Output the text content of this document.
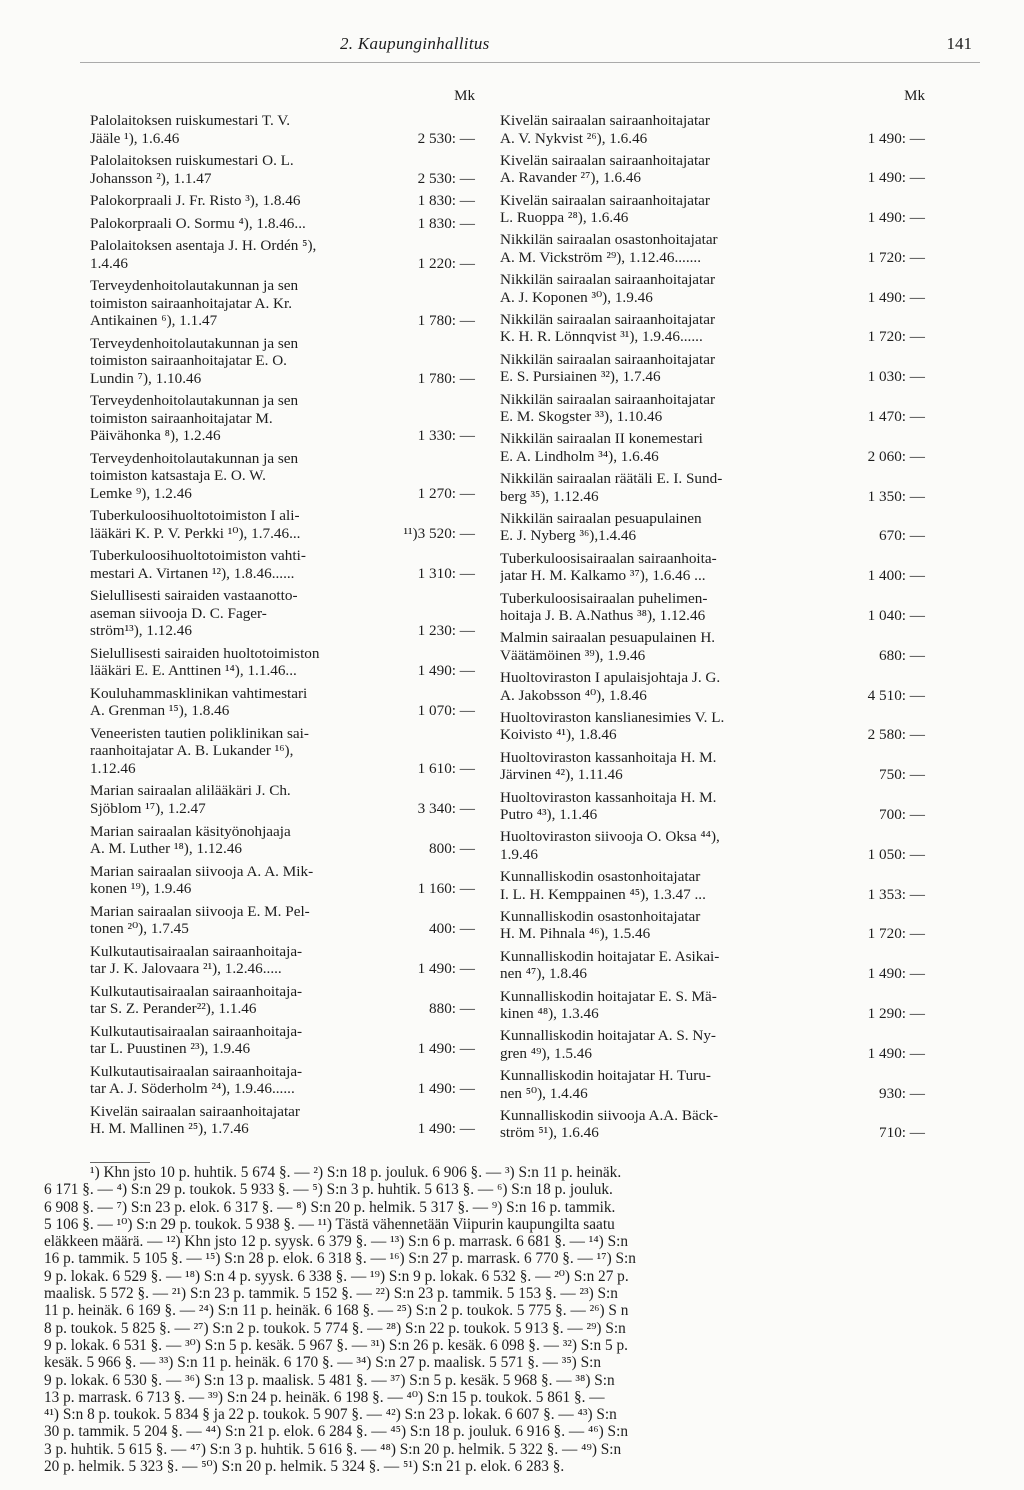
2. Kaupunginhallitus	141
Mk
Palolaitoksen ruiskumestari T. V.
Jääle ¹), 1.6.46	2 530: —
Palolaitoksen ruiskumestari O. L.
Johansson ²), 1.1.47	2 530: —
Palokorpraali J. Fr. Risto ³), 1.8.46	1 830: —
Palokorpraali O. Sormu ⁴), 1.8.46...	1 830: —
Palolaitoksen asentaja J. H. Ordén ⁵),
1.4.46	1 220: —
Terveydenhoitolautakunnan ja sen
toimiston sairaanhoitajatar A. Kr.
Antikainen ⁶), 1.1.47	1 780: —
Terveydenhoitolautakunnan ja sen
toimiston sairaanhoitajatar E. O.
Lundin ⁷), 1.10.46	1 780: —
Terveydenhoitolautakunnan ja sen
toimiston sairaanhoitajatar M.
Päivähonka ⁸), 1.2.46	1 330: —
Terveydenhoitolautakunnan ja sen
toimiston katsastaja E. O. W.
Lemke ⁹), 1.2.46	1 270: —
Tuberkuloosihuoltotoimiston I ali-
lääkäri K. P. V. Perkki ¹⁰), 1.7.46...	¹¹)3 520: —
Tuberkuloosihuoltotoimiston vahti-
mestari A. Virtanen ¹²), 1.8.46......	1 310: —
Sielullisesti sairaiden vastaanotto-
aseman siivooja D. C. Fager-
ström¹³), 1.12.46	1 230: —
Sielullisesti sairaiden huoltotoimiston
lääkäri E. E. Anttinen ¹⁴), 1.1.46...	1 490: —
Kouluhammasklinikan vahtimestari
A. Grenman ¹⁵), 1.8.46	1 070: —
Veneeristen tautien poliklinikan sai-
raanhoitajatar A. B. Lukander ¹⁶),
1.12.46	1 610: —
Marian sairaalan alilääkäri J. Ch.
Sjöblom ¹⁷), 1.2.47	3 340: —
Marian sairaalan käsityönohjaaja
A. M. Luther ¹⁸), 1.12.46	800: —
Marian sairaalan siivooja A. A. Mik-
konen ¹⁹), 1.9.46	1 160: —
Marian sairaalan siivooja E. M. Pel-
tonen ²⁰), 1.7.45	400: —
Kulkutautisairaalan sairaanhoitaja-
tar J. K. Jalovaara ²¹), 1.2.46.....	1 490: —
Kulkutautisairaalan sairaanhoitaja-
tar S. Z. Perander²²), 1.1.46	880: —
Kulkutautisairaalan sairaanhoitaja-
tar L. Puustinen ²³), 1.9.46	1 490: —
Kulkutautisairaalan sairaanhoitaja-
tar A. J. Söderholm ²⁴), 1.9.46......	1 490: —
Kivelän sairaalan sairaanhoitajatar
H. M. Mallinen ²⁵), 1.7.46	1 490: —
Mk
Kivelän sairaalan sairaanhoitajatar
A. V. Nykvist ²⁶), 1.6.46	1 490: —
Kivelän sairaalan sairaanhoitajatar
A. Ravander ²⁷), 1.6.46	1 490: —
Kivelän sairaalan sairaanhoitajatar
L. Ruoppa ²⁸), 1.6.46	1 490: —
Nikkilän sairaalan osastonhoitajatar
A. M. Vickström ²⁹), 1.12.46.......	1 720: —
Nikkilän sairaalan sairaanhoitajatar
A. J. Koponen ³⁰), 1.9.46	1 490: —
Nikkilän sairaalan sairaanhoitajatar
K. H. R. Lönnqvist ³¹), 1.9.46......	1 720: —
Nikkilän sairaalan sairaanhoitajatar
E. S. Pursiainen ³²), 1.7.46	1 030: —
Nikkilän sairaalan sairaanhoitajatar
E. M. Skogster ³³), 1.10.46	1 470: —
Nikkilän sairaalan II konemestari
E. A. Lindholm ³⁴), 1.6.46	2 060: —
Nikkilän sairaalan räätäli E. I. Sund-
berg ³⁵), 1.12.46	1 350: —
Nikkilän sairaalan pesuapulainen
E. J. Nyberg ³⁶),1.4.46	670: —
Tuberkuloosisairaalan sairaanhoita-
jatar H. M. Kalkamo ³⁷), 1.6.46 ...	1 400: —
Tuberkuloosisairaalan puhelimen-
hoitaja J. B. A.Nathus ³⁸), 1.12.46	1 040: —
Malmin sairaalan pesuapulainen H.
Väätämöinen ³⁹), 1.9.46	680: —
Huoltoviraston I apulaisjohtaja J. G.
A. Jakobsson ⁴⁰), 1.8.46	4 510: —
Huoltoviraston kanslianesimies V. L.
Koivisto ⁴¹), 1.8.46	2 580: —
Huoltoviraston kassanhoitaja H. M.
Järvinen ⁴²), 1.11.46	750: —
Huoltoviraston kassanhoitaja H. M.
Putro ⁴³), 1.1.46	700: —
Huoltoviraston siivooja O. Oksa ⁴⁴),
1.9.46	1 050: —
Kunnalliskodin osastonhoitajatar
I. L. H. Kemppainen ⁴⁵), 1.3.47 ...	1 353: —
Kunnalliskodin osastonhoitajatar
H. M. Pihnala ⁴⁶), 1.5.46	1 720: —
Kunnalliskodin hoitajatar E. Asikai-
nen ⁴⁷), 1.8.46	1 490: —
Kunnalliskodin hoitajatar E. S. Mä-
kinen ⁴⁸), 1.3.46	1 290: —
Kunnalliskodin hoitajatar A. S. Ny-
gren ⁴⁹), 1.5.46	1 490: —
Kunnalliskodin hoitajatar H. Turu-
nen ⁵⁰), 1.4.46	930: —
Kunnalliskodin siivooja A.A. Bäck-
ström ⁵¹), 1.6.46	710: —
¹) Khn jsto 10 p. huhtik. 5 674 §. — ²) S:n 18 p. jouluk. 6 906 §. — ³) S:n 11 p. heinäk.
6 171 §. — ⁴) S:n 29 p. toukok. 5 933 §. — ⁵) S:n 3 p. huhtik. 5 613 §. — ⁶) S:n 18 p. jouluk.
6 908 §. — ⁷) S:n 23 p. elok. 6 317 §. — ⁸) S:n 20 p. helmik. 5 317 §. — ⁹) S:n 16 p. tammik.
5 106 §. — ¹⁰) S:n 29 p. toukok. 5 938 §. — ¹¹) Tästä vähennetään Viipurin kaupungilta saatu
eläkkeen määrä. — ¹²) Khn jsto 12 p. syysk. 6 379 §. — ¹³) S:n 6 p. marrask. 6 681 §. — ¹⁴) S:n
16 p. tammik. 5 105 §. — ¹⁵) S:n 28 p. elok. 6 318 §. — ¹⁶) S:n 27 p. marrask. 6 770 §. — ¹⁷) S:n
9 p. lokak. 6 529 §. — ¹⁸) S:n 4 p. syysk. 6 338 §. — ¹⁹) S:n 9 p. lokak. 6 532 §. — ²⁰) S:n 27 p.
maalisk. 5 572 §. — ²¹) S:n 23 p. tammik. 5 152 §. — ²²) S:n 23 p. tammik. 5 153 §. — ²³) S:n
11 p. heinäk. 6 169 §. — ²⁴) S:n 11 p. heinäk. 6 168 §. — ²⁵) S:n 2 p. toukok. 5 775 §. — ²⁶) S n
8 p. toukok. 5 825 §. — ²⁷) S:n 2 p. toukok. 5 774 §. — ²⁸) S:n 22 p. toukok. 5 913 §. — ²⁹) S:n
9 p. lokak. 6 531 §. — ³⁰) S:n 5 p. kesäk. 5 967 §. — ³¹) S:n 26 p. kesäk. 6 098 §. — ³²) S:n 5 p.
kesäk. 5 966 §. — ³³) S:n 11 p. heinäk. 6 170 §. — ³⁴) S:n 27 p. maalisk. 5 571 §. — ³⁵) S:n
9 p. lokak. 6 530 §. — ³⁶) S:n 13 p. maalisk. 5 481 §. — ³⁷) S:n 5 p. kesäk. 5 968 §. — ³⁸) S:n
13 p. marrask. 6 713 §. — ³⁹) S:n 24 p. heinäk. 6 198 §. — ⁴⁰) S:n 15 p. toukok. 5 861 §. —
⁴¹) S:n 8 p. toukok. 5 834 § ja 22 p. toukok. 5 907 §. — ⁴²) S:n 23 p. lokak. 6 607 §. — ⁴³) S:n
30 p. tammik. 5 204 §. — ⁴⁴) S:n 21 p. elok. 6 284 §. — ⁴⁵) S:n 18 p. jouluk. 6 916 §. — ⁴⁶) S:n
3 p. huhtik. 5 615 §. — ⁴⁷) S:n 3 p. huhtik. 5 616 §. — ⁴⁸) S:n 20 p. helmik. 5 322 §. — ⁴⁹) S:n
20 p. helmik. 5 323 §. — ⁵⁰) S:n 20 p. helmik. 5 324 §. — ⁵¹) S:n 21 p. elok. 6 283 §.
